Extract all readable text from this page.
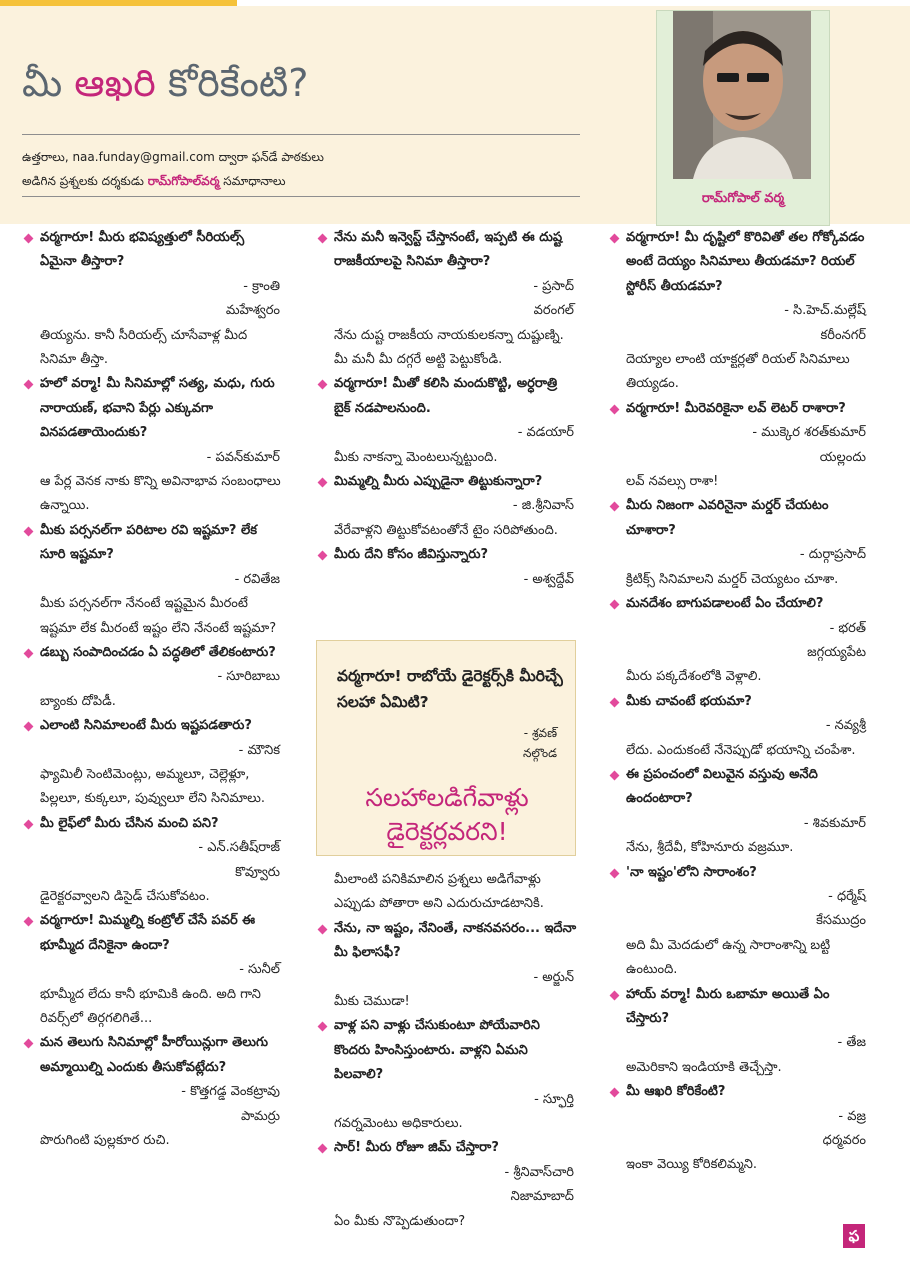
మీ ఆఖరి కోరికేంటి?
ఉత్తరాలు, naa.funday@gmail.com ద్వారా ఫన్‌డే పాఠకులు
అడిగిన ప్రశ్నలకు దర్శకుడు రామ్‌గోపాల్‌వర్మ సమాధానాలు
రామ్‌గోపాల్ వర్మ
వర్మగారూ! మీరు భవిష్యత్తులో సీరియల్స్ ఏమైనా తీస్తారా?
- క్రాంతి
మహేశ్వరం
తియ్యను. కానీ సీరియల్స్ చూసేవాళ్ల మీద సినిమా తీస్తా.
హలో వర్మా! మీ సినిమాల్లో సత్య, మధు, గురు నారాయణ్, భవాని పేర్లు ఎక్కువగా వినపడతాయెందుకు?
- పవన్‌కుమార్
ఆ పేర్ల వెనక నాకు కొన్ని అవినాభావ సంబంధాలు ఉన్నాయి.
మీకు పర్సనల్‌గా పరిటాల రవి ఇష్టమా? లేక సూరి ఇష్టమా?
- రవితేజ
మీకు పర్సనల్‌గా నేనంటే ఇష్టమైన మీరంటే ఇష్టమా లేక మీరంటే ఇష్టం లేని నేనంటే ఇష్టమా?
డబ్బు సంపాదించడం ఏ పద్ధతిలో తేలికంటారు?
- సూరిబాబు
బ్యాంకు దోపిడీ.
ఎలాంటి సినిమాలంటే మీరు ఇష్టపడతారు?
- మౌనిక
ఫ్యామిలీ సెంటిమెంట్లు, అమ్మలూ, చెల్లెళ్లూ, పిల్లలూ, కుక్కలూ, పువ్వులూ లేని సినిమాలు.
మీ లైఫ్‌లో మీరు చేసిన మంచి పని?
- ఎన్.సతీష్‌రాజ్
కొవ్వూరు
డైరెక్టరవ్వాలని డిసైడ్ చేసుకోవటం.
వర్మగారూ! మిమ్మల్ని కంట్రోల్ చేసే పవర్ ఈ భూమ్మీద దేనికైనా ఉందా?
- సునీల్
భూమ్మీద లేదు కానీ భూమికి ఉంది. అది గాని రివర్స్‌లో తిర్గగలిగితే...
మన తెలుగు సినిమాల్లో హీరోయిన్లుగా తెలుగు అమ్మాయిల్ని ఎందుకు తీసుకోవట్లేదు?
- కొత్తగడ్డ వెంకట్రావు
పామర్రు
పొరుగింటి పుల్లకూర రుచి.
నేను మనీ ఇన్వెస్ట్ చేస్తానంటే, ఇప్పటి ఈ దుష్ట రాజకీయాలపై సినిమా తీస్తారా?
- ప్రసాద్
వరంగల్
నేను దుష్ట రాజకీయ నాయకులకన్నా దుష్టుణ్ని. మీ మనీ మీ దగ్గరే అట్టి పెట్టుకోండి.
వర్మగారూ! మీతో కలిసి మందుకొట్టి, అర్ధరాత్రి బైక్ నడపాలనుంది.
- వడయార్
మీకు నాకన్నా మెంటలున్నట్టుంది.
మిమ్మల్ని మీరు ఎప్పుడైనా తిట్టుకున్నారా?
- జి.శ్రీనివాస్
వేరేవాళ్లని తిట్టుకోవటంతోనే టైం సరిపోతుంది.
మీరు దేని కోసం జీవిస్తున్నారు?
- అశ్వద్దేవ్
వర్మగారూ! రాబోయే డైరెక్టర్స్‌కి మీరిచ్చే సలహా ఏమిటి?
- శ్రవణ్
నల్గొండ
సలహాలడిగేవాళ్లు
డైరెక్టర్లవరని!
మీలాంటి పనికిమాలిన ప్రశ్నలు అడిగేవాళ్లు ఎప్పుడు పోతారా అని ఎదురుచూడటానికి.
నేను, నా ఇష్టం, నేనింతే, నాకనవసరం... ఇదేనా మీ ఫిలాసఫీ?
- అర్జున్
మీకు చెముడా!
వాళ్ల పని వాళ్లు చేసుకుంటూ పోయేవారిని కొందరు హింసిస్తుంటారు. వాళ్లని ఏమని పిలవాలి?
- స్ఫూర్తి
గవర్నమెంటు అధికారులు.
సార్! మీరు రోజూ జిమ్ చేస్తారా?
- శ్రీనివాస్‌చారి
నిజామాబాద్
ఏం మీకు నొప్పెడుతుందా?
వర్మగారూ! మీ దృష్టిలో కొరివితో తల గోక్కోవడం అంటే దెయ్యం సినిమాలు తీయడమా? రియల్ స్టోరీస్ తీయడమా?
- సి.హెచ్.మల్లేష్
కరీంనగర్
దెయ్యాల లాంటి యాక్టర్లతో రియల్ సినిమాలు తియ్యడం.
వర్మగారూ! మీరెవరికైనా లవ్ లెటర్ రాశారా?
- ముక్కెర శరత్‌కుమార్
యల్లందు
లవ్ నవల్సు రాశా!
మీరు నిజంగా ఎవరినైనా మర్డర్ చేయటం చూశారా?
- దుర్గాప్రసాద్
క్రిటిక్స్ సినిమాలని మర్డర్ చెయ్యటం చూశా.
మనదేశం బాగుపడాలంటే ఏం చేయాలి?
- భరత్
జగ్గయ్యపేట
మీరు పక్కదేశంలోకి వెళ్లాలి.
మీకు చావంటే భయమా?
- నవ్యశ్రీ
లేదు. ఎందుకంటే నేనెప్పుడో భయాన్ని చంపేశా.
ఈ ప్రపంచంలో విలువైన వస్తువు అనేది ఉందంటారా?
- శివకుమార్
నేను, శ్రీదేవీ, కోహినూరు వజ్రమూ.
'నా ఇష్టం'లోని సారాంశం?
- ధర్మేష్
కేసముద్రం
అది మీ మెదడులో ఉన్న సారాంశాన్ని బట్టి ఉంటుంది.
హాయ్ వర్మా! మీరు ఒబామా అయితే ఏం చేస్తారు?
- తేజ
అమెరికాని ఇండియాకి తెచ్చేస్తా.
మీ ఆఖరి కోరికేంటి?
- వజ్ర
ధర్మవరం
ఇంకా వెయ్యి కోరికలిమ్మని.
ఫ
